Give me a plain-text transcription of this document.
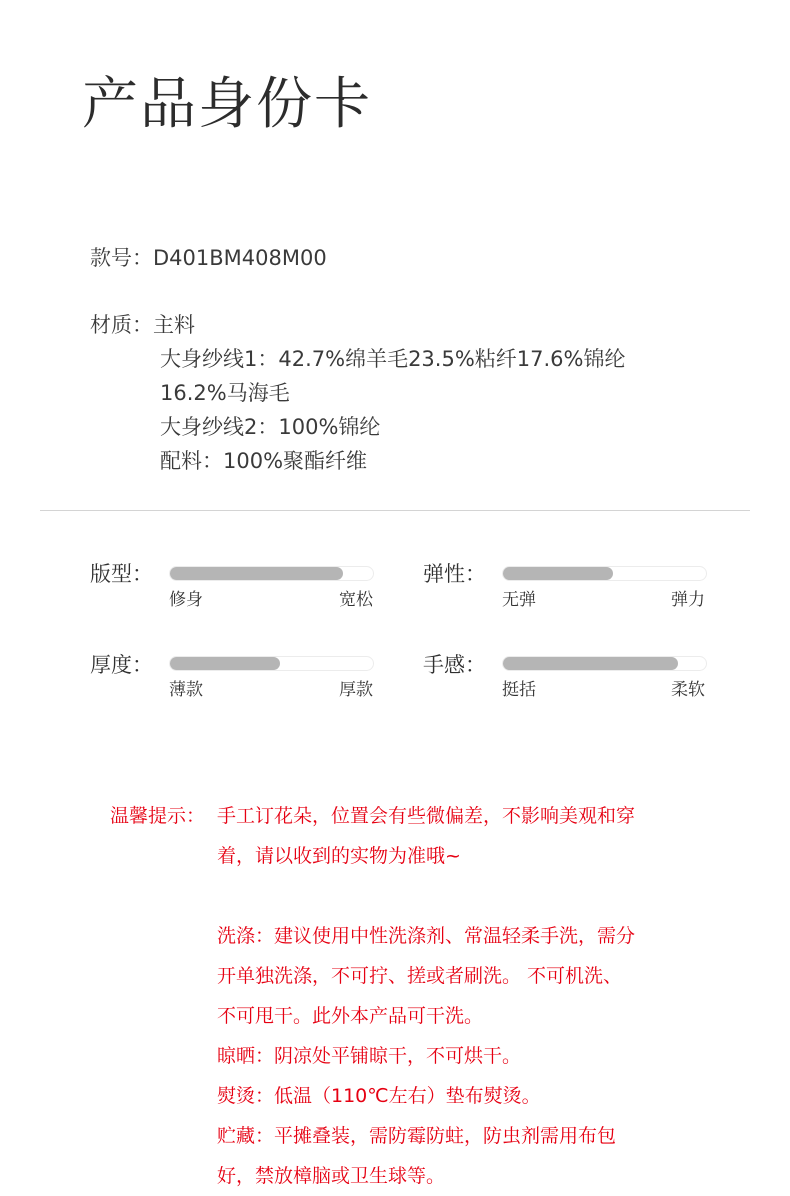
产品身份卡
款号：D401BM408M00
材质：主料
大身纱线1：42.7%绵羊毛23.5%粘纤17.6%锦纶
16.2%马海毛
大身纱线2：100%锦纶
配料：100%聚酯纤维
版型：
修身	宽松
弹性：
无弹	弹力
厚度：
薄款	厚款
手感：
挺括	柔软
温馨提示： 手工订花朵，位置会有些微偏差，不影响美观和穿
着，请以收到的实物为准哦~
洗涤：建议使用中性洗涤剂、常温轻柔手洗，需分
开单独洗涤，不可拧、搓或者刷洗。 不可机洗、
不可甩干。此外本产品可干洗。
晾晒：阴凉处平铺晾干，不可烘干。
熨烫：低温（110℃左右）垫布熨烫。
贮藏：平摊叠装，需防霉防蛀，防虫剂需用布包
好，禁放樟脑或卫生球等。
